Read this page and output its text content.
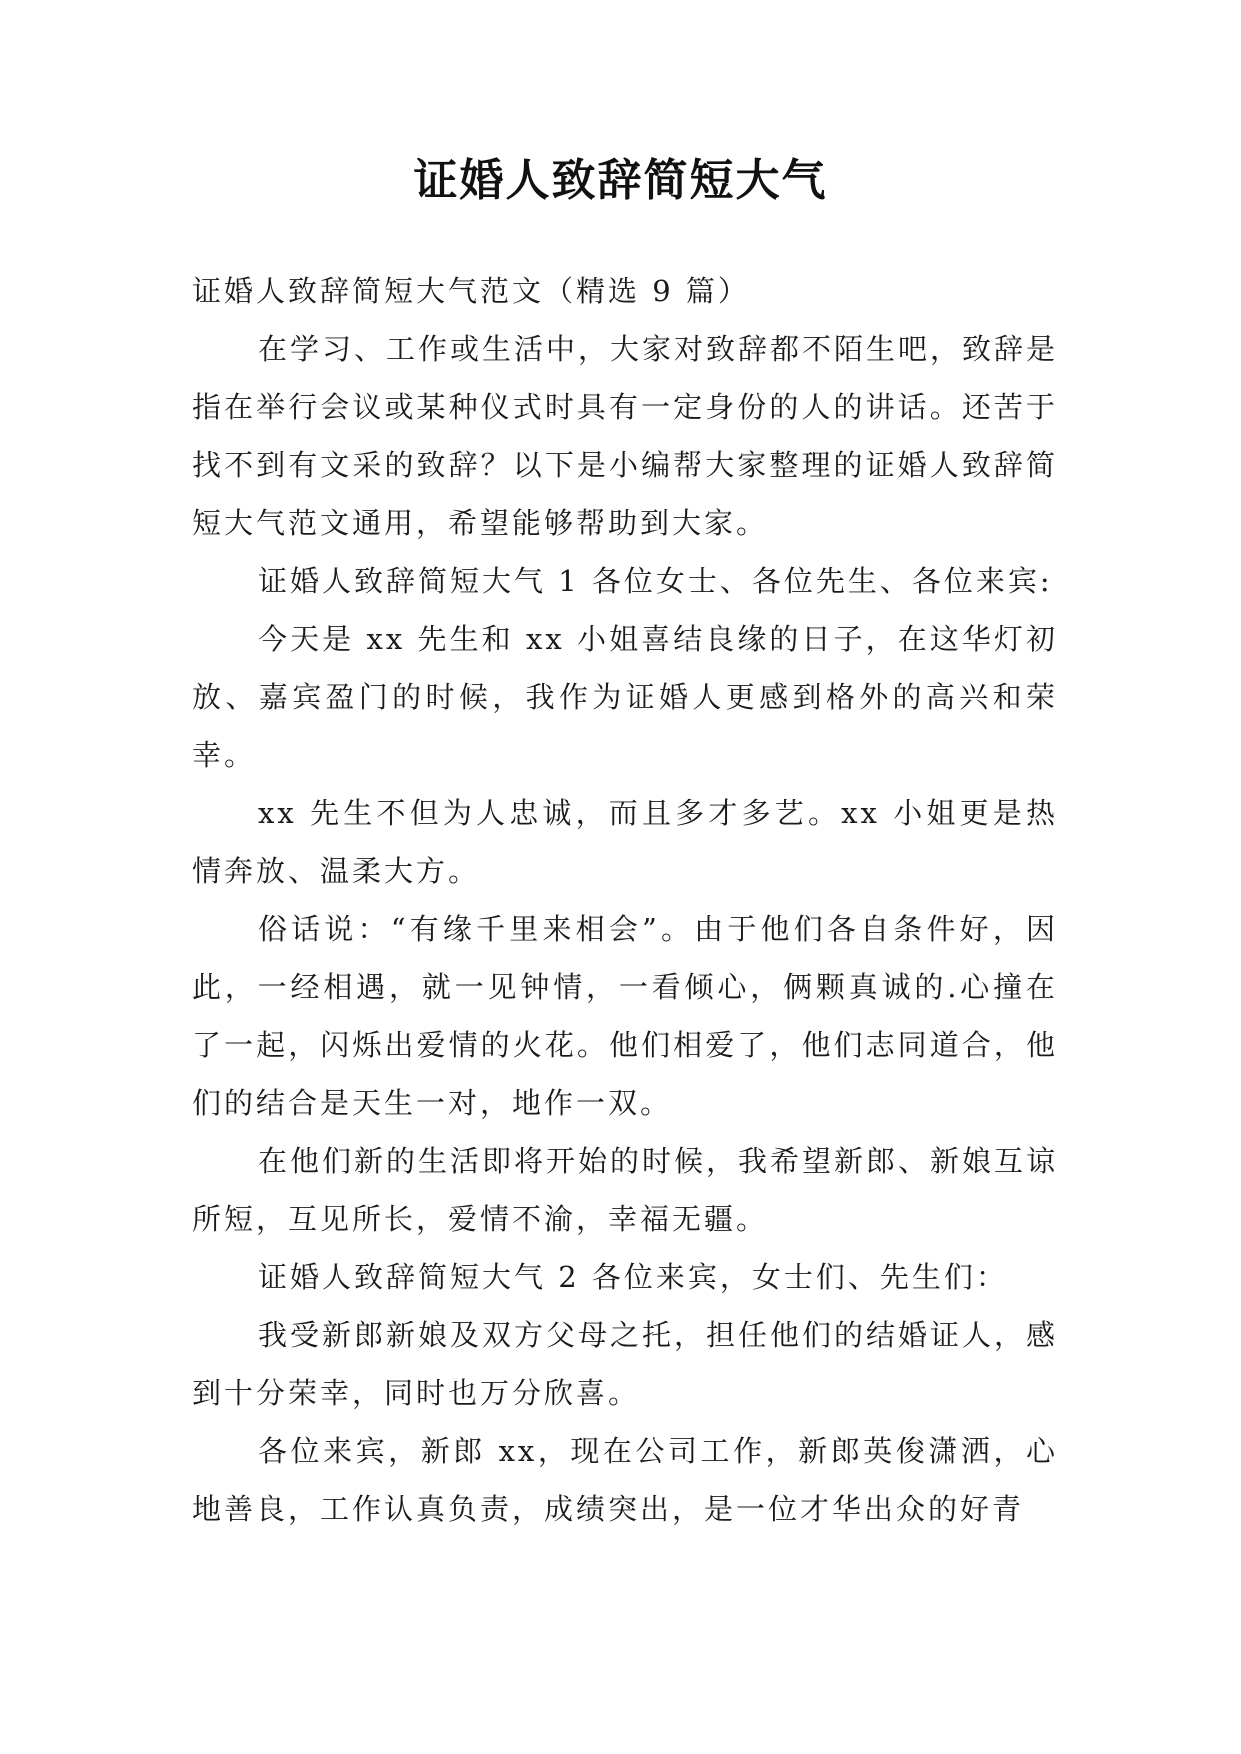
证婚人致辞简短大气

证婚人致辞简短大气范文（精选 9 篇）

在学习、工作或生活中，大家对致辞都不陌生吧，致辞是指在举行会议或某种仪式时具有一定身份的人的讲话。还苦于找不到有文采的致辞？以下是小编帮大家整理的证婚人致辞简短大气范文通用，希望能够帮助到大家。

证婚人致辞简短大气 1 各位女士、各位先生、各位来宾:

今天是 xx 先生和 xx 小姐喜结良缘的日子，在这华灯初放、嘉宾盈门的时候，我作为证婚人更感到格外的高兴和荣幸。

xx 先生不但为人忠诚，而且多才多艺。xx 小姐更是热情奔放、温柔大方。

俗话说：“有缘千里来相会”。由于他们各自条件好，因此，一经相遇，就一见钟情，一看倾心，俩颗真诚的.心撞在了一起，闪烁出爱情的火花。他们相爱了，他们志同道合，他们的结合是天生一对，地作一双。

在他们新的生活即将开始的时候，我希望新郎、新娘互谅所短，互见所长，爱情不渝，幸福无疆。

证婚人致辞简短大气 2 各位来宾，女士们、先生们：

我受新郎新娘及双方父母之托，担任他们的结婚证人，感到十分荣幸，同时也万分欣喜。

各位来宾，新郎 xx，现在公司工作，新郎英俊潇洒，心地善良，工作认真负责，成绩突出，是一位才华出众的好青
